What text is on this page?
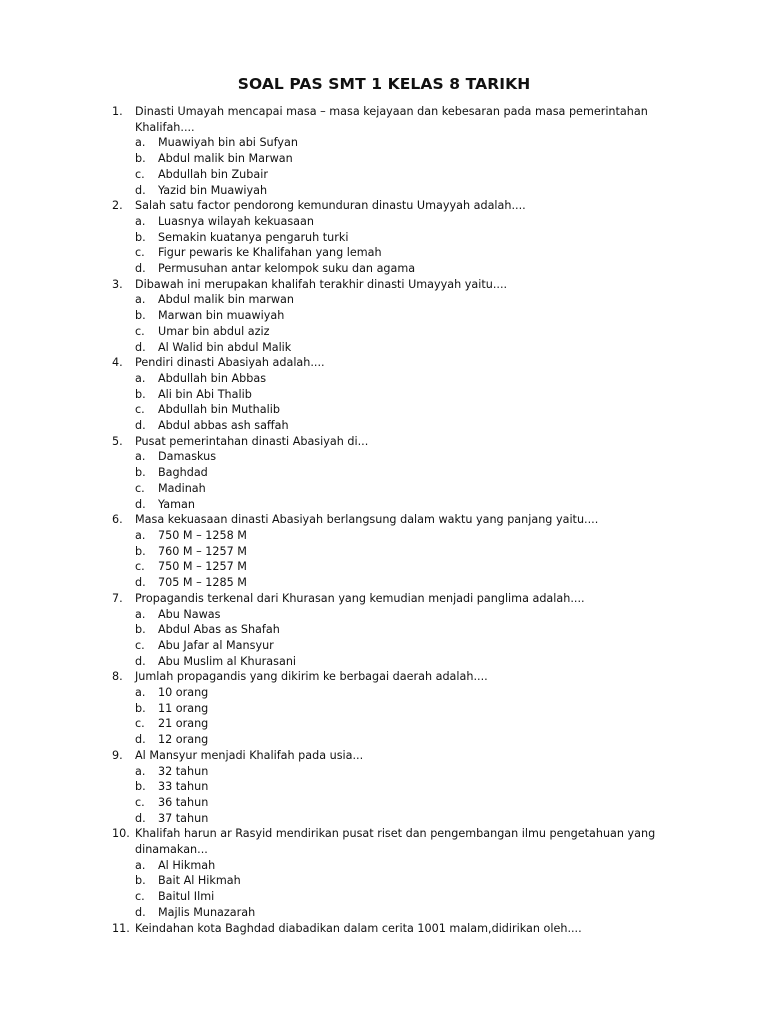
SOAL PAS SMT 1 KELAS 8 TARIKH
1. Dinasti Umayah mencapai masa – masa kejayaan dan kebesaran pada masa pemerintahan Khalifah....
a. Muawiyah bin abi Sufyan
b. Abdul malik bin Marwan
c. Abdullah bin Zubair
d. Yazid bin Muawiyah
2. Salah satu factor pendorong kemunduran dinastu Umayyah adalah....
a. Luasnya wilayah kekuasaan
b. Semakin kuatanya pengaruh turki
c. Figur pewaris ke Khalifahan yang lemah
d. Permusuhan antar kelompok suku dan agama
3. Dibawah ini merupakan khalifah terakhir dinasti Umayyah yaitu....
a. Abdul malik bin marwan
b. Marwan bin muawiyah
c. Umar bin abdul aziz
d. Al Walid bin abdul Malik
4. Pendiri dinasti Abasiyah adalah....
a. Abdullah bin Abbas
b. Ali bin Abi Thalib
c. Abdullah bin Muthalib
d. Abdul abbas ash saffah
5. Pusat pemerintahan dinasti Abasiyah di...
a. Damaskus
b. Baghdad
c. Madinah
d. Yaman
6. Masa kekuasaan dinasti Abasiyah berlangsung dalam waktu yang panjang yaitu....
a. 750 M – 1258 M
b. 760 M – 1257 M
c. 750 M – 1257 M
d. 705 M – 1285 M
7. Propagandis terkenal dari Khurasan yang kemudian menjadi panglima adalah....
a. Abu Nawas
b. Abdul Abas as Shafah
c. Abu Jafar al Mansyur
d. Abu Muslim al Khurasani
8. Jumlah propagandis yang dikirim ke berbagai daerah adalah....
a. 10 orang
b. 11 orang
c. 21 orang
d. 12 orang
9. Al Mansyur menjadi Khalifah pada usia...
a. 32 tahun
b. 33 tahun
c. 36 tahun
d. 37 tahun
10. Khalifah harun ar Rasyid mendirikan pusat riset dan pengembangan ilmu pengetahuan yang dinamakan...
a. Al Hikmah
b. Bait Al Hikmah
c. Baitul Ilmi
d. Majlis Munazarah
11. Keindahan kota Baghdad diabadikan dalam cerita 1001 malam,didirikan oleh....
